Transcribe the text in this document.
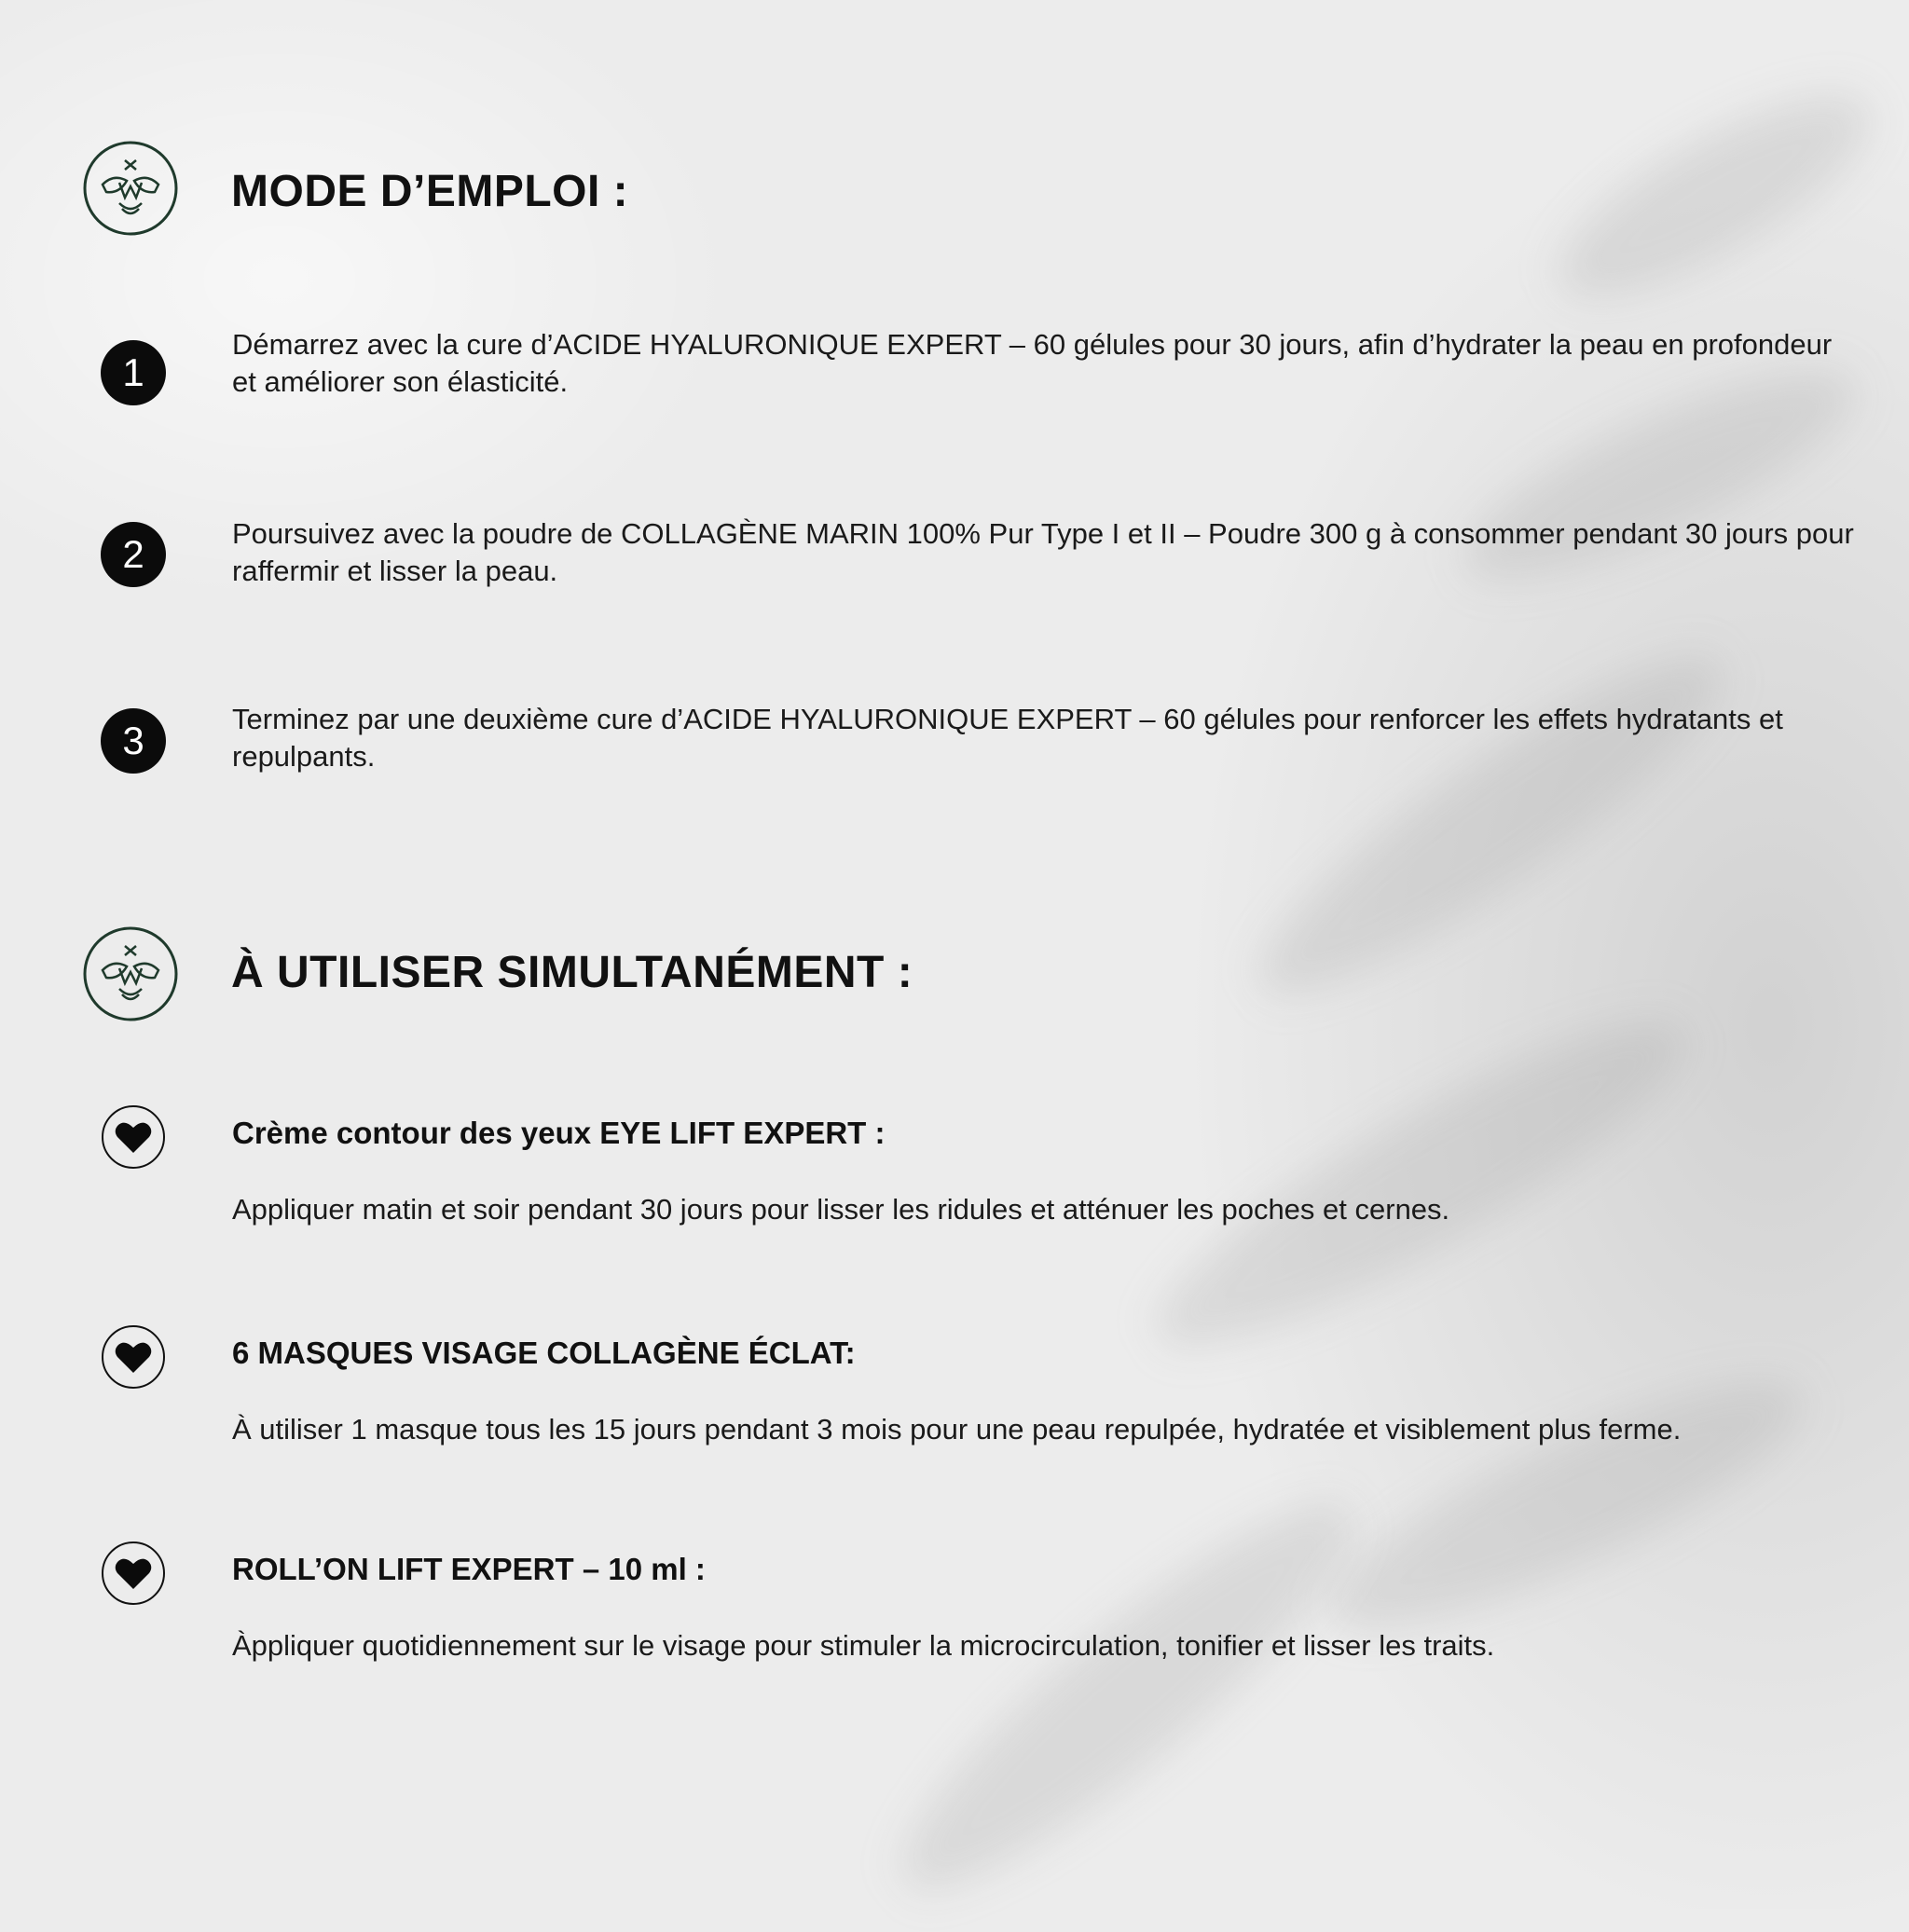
MODE D’EMPLOI :
1

Démarrez avec la cure d’ACIDE HYALURONIQUE EXPERT – 60 gélules pour 30 jours, afin d’hydrater la peau en profondeur et améliorer son élasticité.

2	Poursuivez avec la poudre de COLLAGÈNE MARIN 100% Pur Type I et II – Poudre 300 g à consommer pendant 30 jours pour raffermir et lisser la peau.

3	Terminez par une deuxième cure d’ACIDE HYALURONIQUE EXPERT – 60 gélules pour renforcer les effets hydratants et repulpants.

À UTILISER SIMULTANÉMENT :
Crème contour des yeux EYE LIFT EXPERT :

Appliquer matin et soir pendant 30 jours pour lisser les ridules et atténuer les poches et cernes.

6 MASQUES VISAGE COLLAGÈNE ÉCLAT:

À utiliser 1 masque tous les 15 jours pendant 3 mois pour une peau repulpée, hydratée et visiblement plus ferme.

ROLL’ON LIFT EXPERT – 10 ml :

Àppliquer quotidiennement sur le visage pour stimuler la microcirculation, tonifier et lisser les traits.
